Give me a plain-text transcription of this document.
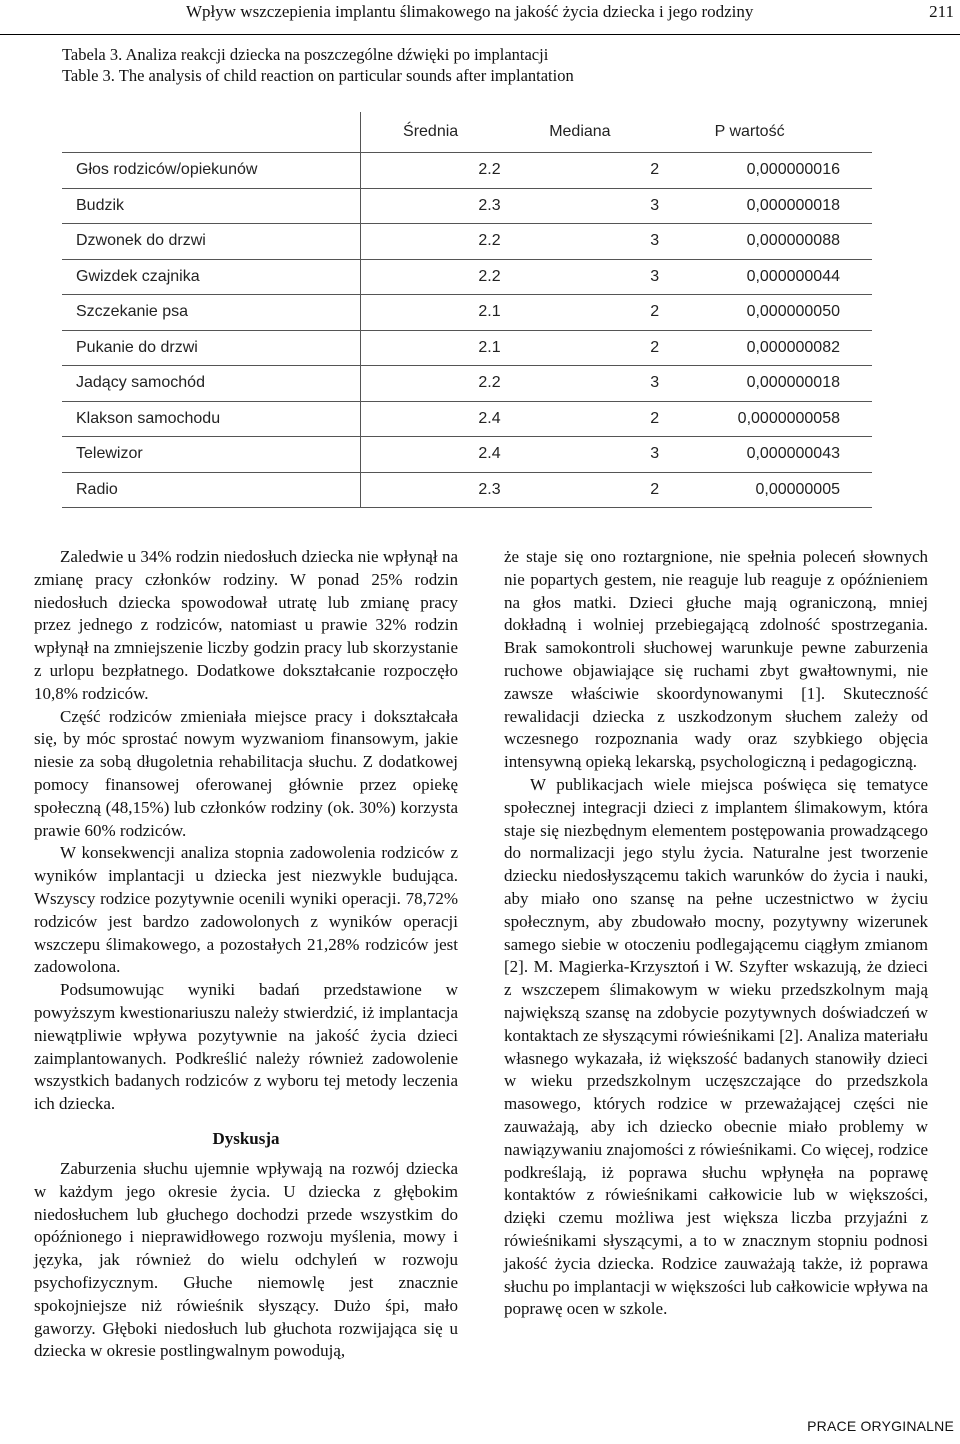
Wpływ wszczepienia implantu ślimakowego na jakość życia dziecka i jego rodziny	211
Tabela 3. Analiza reakcji dziecka na poszczególne dźwięki po implantacji
Table 3. The analysis of child reaction on particular sounds after implantation
	Średnia	Mediana	P wartość
Głos rodziców/opiekunów	2.2	2	0,000000016
Budzik	2.3	3	0,000000018
Dzwonek do drzwi	2.2	3	0,000000088
Gwizdek czajnika	2.2	3	0,000000044
Szczekanie psa	2.1	2	0,000000050
Pukanie do drzwi	2.1	2	0,000000082
Jadący samochód	2.2	3	0,000000018
Klakson samochodu	2.4	2	0,0000000058
Telewizor	2.4	3	0,000000043
Radio	2.3	2	0,00000005

Zaledwie u 34% rodzin niedosłuch dziecka nie wpłynął na zmianę pracy członków rodziny. W ponad 25% rodzin niedosłuch dziecka spowodował utratę lub zmianę pracy przez jednego z rodziców, natomiast u prawie 32% rodzin wpłynął na zmniejszenie liczby godzin pracy lub skorzystanie z urlopu bezpłatnego. Dodatkowe dokształcanie rozpoczęło 10,8% rodziców.

Część rodziców zmieniała miejsce pracy i dokształcała się, by móc sprostać nowym wyzwaniom finansowym, jakie niesie za sobą długoletnia rehabilitacja słuchu. Z dodatkowej pomocy finansowej oferowanej głównie przez opiekę społeczną (48,15%) lub członków rodziny (ok. 30%) korzysta prawie 60% rodziców.

W konsekwencji analiza stopnia zadowolenia rodziców z wyników implantacji u dziecka jest niezwykle budująca. Wszyscy rodzice pozytywnie ocenili wyniki operacji. 78,72% rodziców jest bardzo zadowolonych z wyników operacji wszczepu ślimakowego, a pozostałych 21,28% rodziców jest zadowolona.

Podsumowując wyniki badań przedstawione w powyższym kwestionariuszu należy stwierdzić, iż implantacja niewątpliwie wpływa pozytywnie na jakość życia dzieci zaimplantowanych. Podkreślić należy również zadowolenie wszystkich badanych rodziców z wyboru tej metody leczenia ich dziecka.

Dyskusja

Zaburzenia słuchu ujemnie wpływają na rozwój dziecka w każdym jego okresie życia. U dziecka z głębokim niedosłuchem lub głuchego dochodzi przede wszystkim do opóźnionego i nieprawidłowego rozwoju myślenia, mowy i języka, jak również do wielu odchyleń w rozwoju psychofizycznym. Głuche niemowlę jest znacznie spokojniejsze niż rówieśnik słyszący. Dużo śpi, mało gaworzy. Głęboki niedosłuch lub głuchota rozwijająca się u dziecka w okresie postlingwalnym powodują,

że staje się ono roztargnione, nie spełnia poleceń słownych nie popartych gestem, nie reaguje lub reaguje z opóźnieniem na głos matki. Dzieci głuche mają ograniczoną, mniej dokładną i wolniej przebiegającą zdolność spostrzegania. Brak samokontroli słuchowej warunkuje pewne zaburzenia ruchowe objawiające się ruchami zbyt gwałtownymi, nie zawsze właściwie skoordynowanymi [1]. Skuteczność rewalidacji dziecka z uszkodzonym słuchem zależy od wczesnego rozpoznania wady oraz szybkiego objęcia intensywną opieką lekarską, psychologiczną i pedagogiczną.

W publikacjach wiele miejsca poświęca się tematyce społecznej integracji dzieci z implantem ślimakowym, która staje się niezbędnym elementem postępowania prowadzącego do normalizacji jego stylu życia. Naturalne jest tworzenie dziecku niedosłyszącemu takich warunków do życia i nauki, aby miało ono szansę na pełne uczestnictwo w życiu społecznym, aby zbudowało mocny, pozytywny wizerunek samego siebie w otoczeniu podlegającemu ciągłym zmianom [2]. M. Magierka-Krzysztoń i W. Szyfter wskazują, że dzieci z wszczepem ślimakowym w wieku przedszkolnym mają największą szansę na zdobycie pozytywnych doświadczeń w kontaktach ze słyszącymi rówieśnikami [2]. Analiza materiału własnego wykazała, iż większość badanych stanowiły dzieci w wieku przedszkolnym uczęszczające do przedszkola masowego, których rodzice w przeważającej części nie zauważają, aby ich dziecko obecnie miało problemy w nawiązywaniu znajomości z rówieśnikami. Co więcej, rodzice podkreślają, iż poprawa słuchu wpłynęła na poprawę kontaktów z rówieśnikami całkowicie lub w większości, dzięki czemu możliwa jest większa liczba przyjaźni z rówieśnikami słyszącymi, a to w znacznym stopniu podnosi jakość życia dziecka. Rodzice zauważają także, iż poprawa słuchu po implantacji w większości lub całkowicie wpływa na poprawę ocen w szkole.

PRACE ORYGINALNE
